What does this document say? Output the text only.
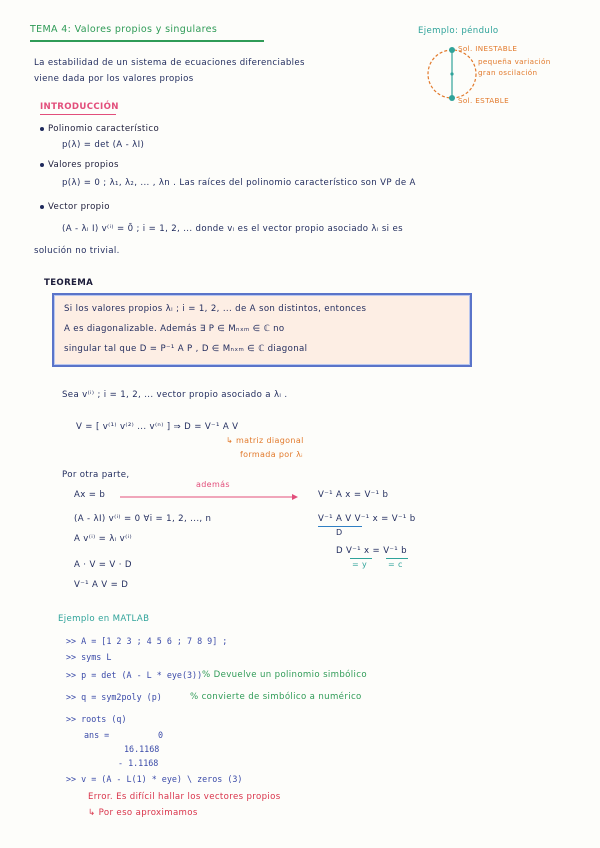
TEMA 4: Valores propios y singulares	Ejemplo: péndulo
Sol. INESTABLE
pequeña variación
gran oscilación
Sol. ESTABLE
La estabilidad de un sistema de ecuaciones diferenciables
viene dada por los valores propios
INTRODUCCIÓN
Polinomio característico
p(λ) = det (A - λI)
Valores propios
p(λ) = 0 ; λ₁, λ₂, ... , λn . Las raíces del polinomio característico son VP de A
Vector propio
(A - λᵢ I) v⁽ⁱ⁾ = 0̄ ; i = 1, 2, ... donde vᵢ es el vector propio asociado λᵢ si es
solución no trivial.
TEOREMA
Si los valores propios λᵢ ; i = 1, 2, ... de A son distintos, entonces
A es diagonalizable. Además ∃ P ∈ Mₙₓₘ ∈ ℂ no
singular tal que D = P⁻¹ A P , D ∈ Mₙₓₘ ∈ ℂ diagonal
Sea v⁽ⁱ⁾ ; i = 1, 2, ... vector propio asociado a λᵢ .
V = [ v⁽¹⁾ v⁽²⁾ ... v⁽ⁿ⁾ ] ⇒ D = V⁻¹ A V
↳ matriz diagonal
formada por λᵢ
Por otra parte,
Ax = b
además
V⁻¹ A x = V⁻¹ b
(A - λI) v⁽ⁱ⁾ = 0 ∀i = 1, 2, ..., n	V⁻¹ A V V⁻¹ x = V⁻¹ b
D
A v⁽ⁱ⁾ = λᵢ v⁽ⁱ⁾
D V⁻¹ x = V⁻¹ b
= y	= c
A · V = V · D
V⁻¹ A V = D
Ejemplo en MATLAB
>> A = [1 2 3 ; 4 5 6 ; 7 8 9] ;
>> syms L
>> p = det (A - L * eye(3)) % Devuelve un polinomio simbólico
>> q = sym2poly (p)	% convierte de simbólico a numérico
>> roots (q)
ans =	0
16.1168
- 1.1168
>> v = (A - L(1) * eye) \ zeros (3)
Error. Es difícil hallar los vectores propios
↳ Por eso aproximamos
